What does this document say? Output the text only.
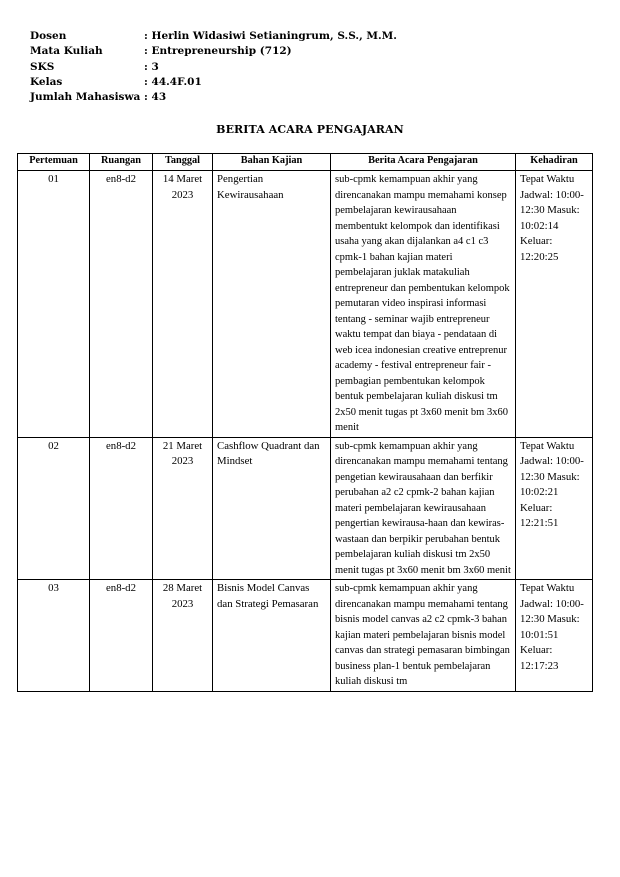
Dosen	: Herlin Widasiwi Setianingrum, S.S., M.M.
Mata Kuliah	: Entrepreneurship (712)
SKS	: 3
Kelas	: 44.4F.01
Jumlah Mahasiswa : 43
BERITA ACARA PENGAJARAN
Pertemuan	Ruangan	Tanggal	Bahan Kajian	Berita Acara Pengajaran	Kehadiran
01	en8-d2	14 Maret 2023	Pengertian Kewirausahaan	sub-cpmk kemampuan akhir yang direncanakan mampu memahami konsep pembelajaran kewirausahaan membentukt kelompok dan identifikasi usaha yang akan dijalankan a4 c1 c3 cpmk-1 bahan kajian materi pembelajaran juklak matakuliah entrepreneur dan pembentukan kelompok pemutaran video inspirasi informasi tentang - seminar wajib entrepreneur waktu tempat dan biaya - pendataan di web icea indonesian creative entreprenur academy - festival entrepreneur fair - pembagian pembentukan kelompok bentuk pembelajaran kuliah diskusi tm 2x50 menit tugas pt 3x60 menit bm 3x60 menit	Tepat Waktu Jadwal: 10:00-12:30 Masuk: 10:02:14 Keluar: 12:20:25
02	en8-d2	21 Maret 2023	Cashflow Quadrant dan Mindset	sub-cpmk kemampuan akhir yang direncanakan mampu memahami tentang pengetian kewirausahaan dan berfikir perubahan a2 c2 cpmk-2 bahan kajian materi pembelajaran kewirausahaan pengertian kewirausa-haan dan kewiras-wastaan dan berpikir perubahan bentuk pembelajaran kuliah diskusi tm 2x50 menit tugas pt 3x60 menit bm 3x60 menit	Tepat Waktu Jadwal: 10:00-12:30 Masuk: 10:02:21 Keluar: 12:21:51
03	en8-d2	28 Maret 2023	Bisnis Model Canvas dan Strategi Pemasaran	sub-cpmk kemampuan akhir yang direncanakan mampu memahami tentang bisnis model canvas a2 c2 cpmk-3 bahan kajian materi pembelajaran bisnis model canvas dan strategi pemasaran bimbingan business plan-1 bentuk pembelajaran kuliah diskusi tm	Tepat Waktu Jadwal: 10:00-12:30 Masuk: 10:01:51 Keluar: 12:17:23
